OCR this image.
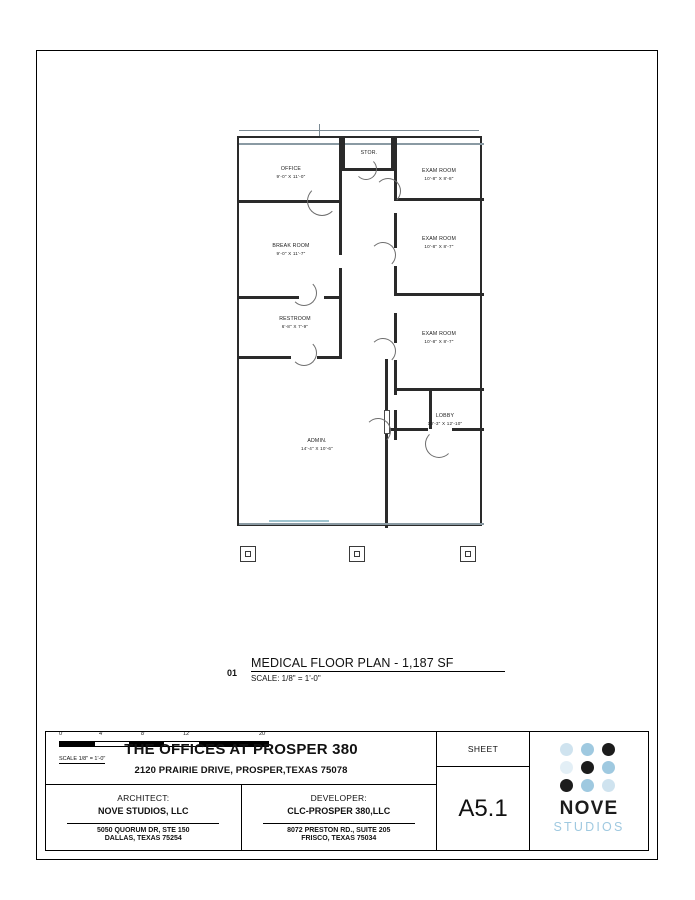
OFFICE
9'-0" X 11'-0"
STOR.
EXAM ROOM
10'-8" X 8'-8"
BREAK ROOM
9'-0" X 11'-7"
EXAM ROOM
10'-8" X 8'-7"
EXAM ROOM
10'-8" X 8'-7"
RESTROOM
6'-8" X 7'-9"
LOBBY
10'-3" X 12'-10"
ADMIN.
14'-4" X 10'-6"
01
MEDICAL FLOOR PLAN - 1,187 SF
SCALE: 1/8" = 1'-0"
0'	4'	8'	12'	20'
SCALE 1/8" = 1'-0"
THE OFFICES AT PROSPER 380
2120 PRAIRIE DRIVE, PROSPER,TEXAS 75078
ARCHITECT:
NOVE STUDIOS, LLC
5050 QUORUM DR, STE 150
DALLAS, TEXAS 75254
DEVELOPER:
CLC-PROSPER 380,LLC
8072 PRESTON RD., SUITE 205
FRISCO, TEXAS 75034
SHEET
A5.1	NOVE
STUDIOS
